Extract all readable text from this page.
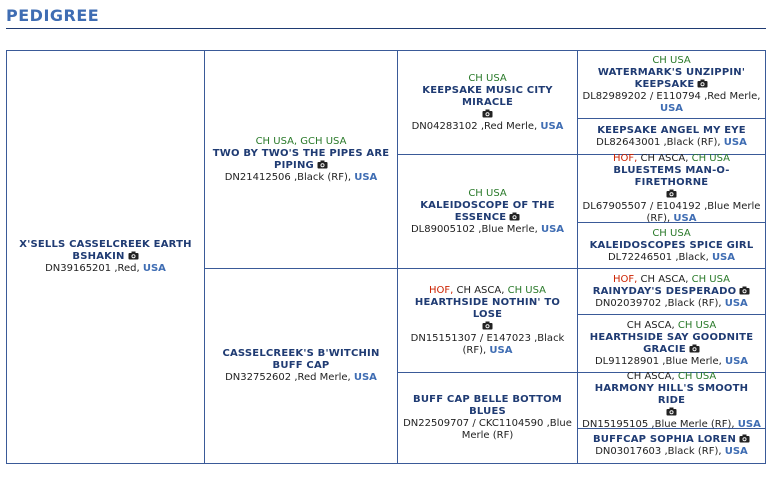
PEDIGREE
X'SELLS CASSELCREEK EARTH BSHAKIN
DN39165201 ,Red, USA
CH USA, GCH USA
TWO BY TWO'S THE PIPES ARE PIPING
DN21412506 ,Black (RF), USA
CASSELCREEK'S B'WITCHIN BUFF CAP
DN32752602 ,Red Merle, USA
CH USA
KEEPSAKE MUSIC CITY MIRACLE

DN04283102 ,Red Merle, USA
CH USA
KALEIDOSCOPE OF THE ESSENCE
DL89005102 ,Blue Merle, USA
HOF, CH ASCA, CH USA
HEARTHSIDE NOTHIN' TO LOSE

DN15151307 / E147023 ,Black (RF), USA
BUFF CAP BELLE BOTTOM BLUES
DN22509707 / CKC1104590 ,Blue Merle (RF)
CH USA
WATERMARK'S UNZIPPIN' KEEPSAKE
DL82989202 / E110794 ,Red Merle, USA
KEEPSAKE ANGEL MY EYE
DL82643001 ,Black (RF), USA
HOF, CH ASCA, CH USA
BLUESTEMS MAN-O-FIRETHORNE

DL67905507 / E104192 ,Blue Merle (RF), USA
CH USA
KALEIDOSCOPES SPICE GIRL
DL72246501 ,Black, USA
HOF, CH ASCA, CH USA
RAINYDAY'S DESPERADO
DN02039702 ,Black (RF), USA
CH ASCA, CH USA
HEARTHSIDE SAY GOODNITE GRACIE
DL91128901 ,Blue Merle, USA
CH ASCA, CH USA
HARMONY HILL'S SMOOTH RIDE

DN15195105 ,Blue Merle (RF), USA
BUFFCAP SOPHIA LOREN
DN03017603 ,Black (RF), USA
